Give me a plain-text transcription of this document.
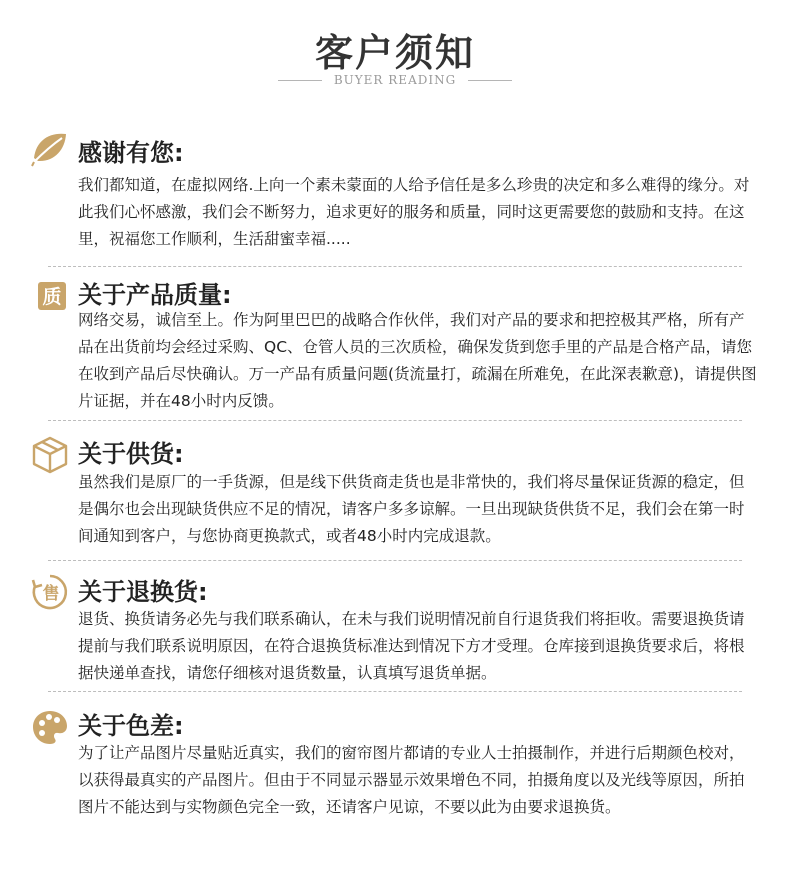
客户须知
BUYER READING
感谢有您:
我们都知道，在虚拟网络.上向一个素未蒙面的人给予信任是多么珍贵的决定和多么难得的缘分。对此我们心怀感激，我们会不断努力，追求更好的服务和质量，同时这更需要您的鼓励和支持。在这里，祝福您工作顺利，生活甜蜜幸福.....
质 关于产品质量:
网络交易，诚信至上。作为阿里巴巴的战略合作伙伴，我们对产品的要求和把控极其严格，所有产品在出货前均会经过采购、QC、仓管人员的三次质检，确保发货到您手里的产品是合格产品，请您在收到产品后尽快确认。万一产品有质量问题(货流量打，疏漏在所难免，在此深表歉意)，请提供图片证据，并在48小时内反馈。
关于供货:
虽然我们是原厂的一手货源，但是线下供货商走货也是非常快的，我们将尽量保证货源的稳定，但是偶尔也会出现缺货供应不足的情况，请客户多多谅解。一旦出现缺货供货不足，我们会在第一时间通知到客户，与您协商更换款式，或者48小时内完成退款。
售 关于退换货:
退货、换货请务必先与我们联系确认，在未与我们说明情况前自行退货我们将拒收。需要退换货请提前与我们联系说明原因，在符合退换货标准达到情况下方才受理。仓库接到退换货要求后，将根据快递单查找，请您仔细核对退货数量，认真填写退货单据。
关于色差:
为了让产品图片尽量贴近真实，我们的窗帘图片都请的专业人士拍摄制作，并进行后期颜色校对，以获得最真实的产品图片。但由于不同显示器显示效果增色不同，拍摄角度以及光线等原因，所拍图片不能达到与实物颜色完全一致，还请客户见谅，不要以此为由要求退换货。
